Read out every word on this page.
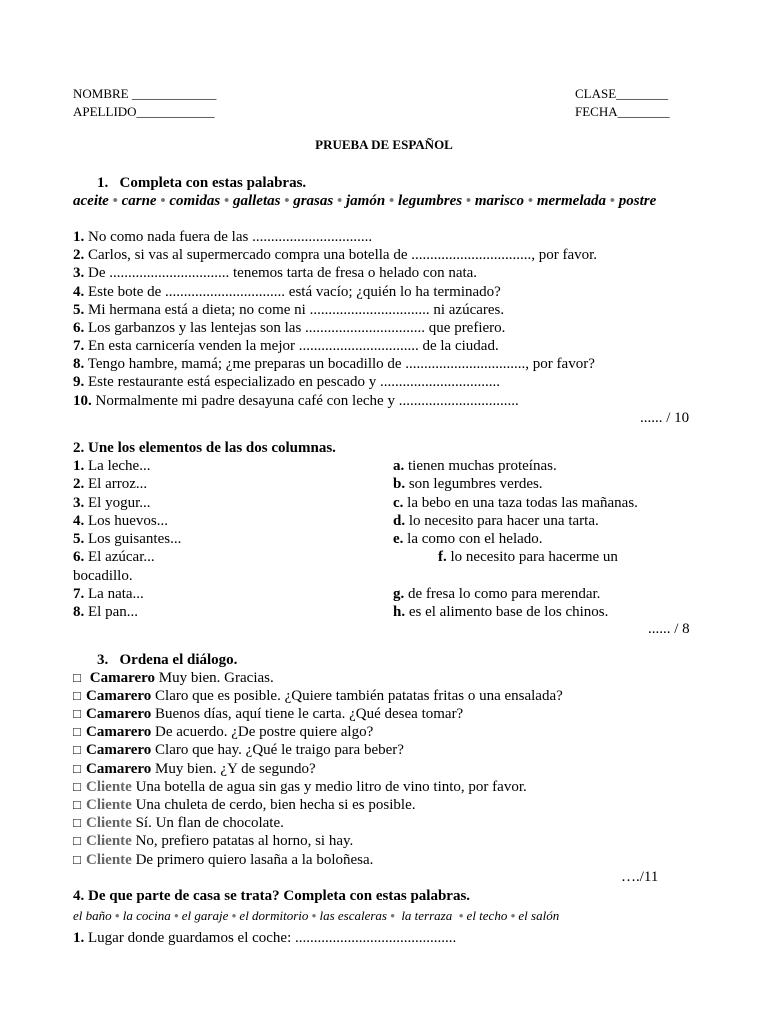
NOMBRE _____________
APELLIDO____________
CLASE________
FECHA________
PRUEBA DE ESPAÑOL
1. Completa con estas palabras.
aceite • carne • comidas • galletas • grasas • jamón • legumbres • marisco • mermelada • postre
1. No como nada fuera de las ................................
2. Carlos, si vas al supermercado compra una botella de ................................, por favor.
3. De ................................ tenemos tarta de fresa o helado con nata.
4. Este bote de ................................ está vacío; ¿quién lo ha terminado?
5. Mi hermana está a dieta; no come ni ................................ ni azúcares.
6. Los garbanzos y las lentejas son las ................................ que prefiero.
7. En esta carnicería venden la mejor ................................ de la ciudad.
8. Tengo hambre, mamá; ¿me preparas un bocadillo de ................................, por favor?
9. Este restaurante está especializado en pescado y ................................
10. Normalmente mi padre desayuna café con leche y ................................
...... / 10
2. Une los elementos de las dos columnas.
1. La leche...
2. El arroz...
3. El yogur...
4. Los huevos...
5. Los guisantes...
6. El azúcar...
bocadillo.
7. La nata...
8. El pan...
a. tienen muchas proteínas.
b. son legumbres verdes.
c. la bebo en una taza todas las mañanas.
d. lo necesito para hacer una tarta.
e. la como con el helado.
f. lo necesito para hacerme un
g. de fresa lo como para merendar.
h. es el alimento base de los chinos.
...... / 8
3. Ordena el diálogo.
□ Camarero Muy bien. Gracias.
□ Camarero Claro que es posible. ¿Quiere también patatas fritas o una ensalada?
□ Camarero Buenos días, aquí tiene le carta. ¿Qué desea tomar?
□ Camarero De acuerdo. ¿De postre quiere algo?
□ Camarero Claro que hay. ¿Qué le traigo para beber?
□ Camarero Muy bien. ¿Y de segundo?
□ Cliente Una botella de agua sin gas y medio litro de vino tinto, por favor.
□ Cliente Una chuleta de cerdo, bien hecha si es posible.
□ Cliente Sí. Un flan de chocolate.
□ Cliente No, prefiero patatas al horno, si hay.
□ Cliente De primero quiero lasaña a la boloñesa.
…./11
4. De que parte de casa se trata? Completa con estas palabras.
el baño • la cocina • el garaje • el dormitorio • las escaleras • la terraza • el techo • el salón
1. Lugar donde guardamos el coche: ...........................................
